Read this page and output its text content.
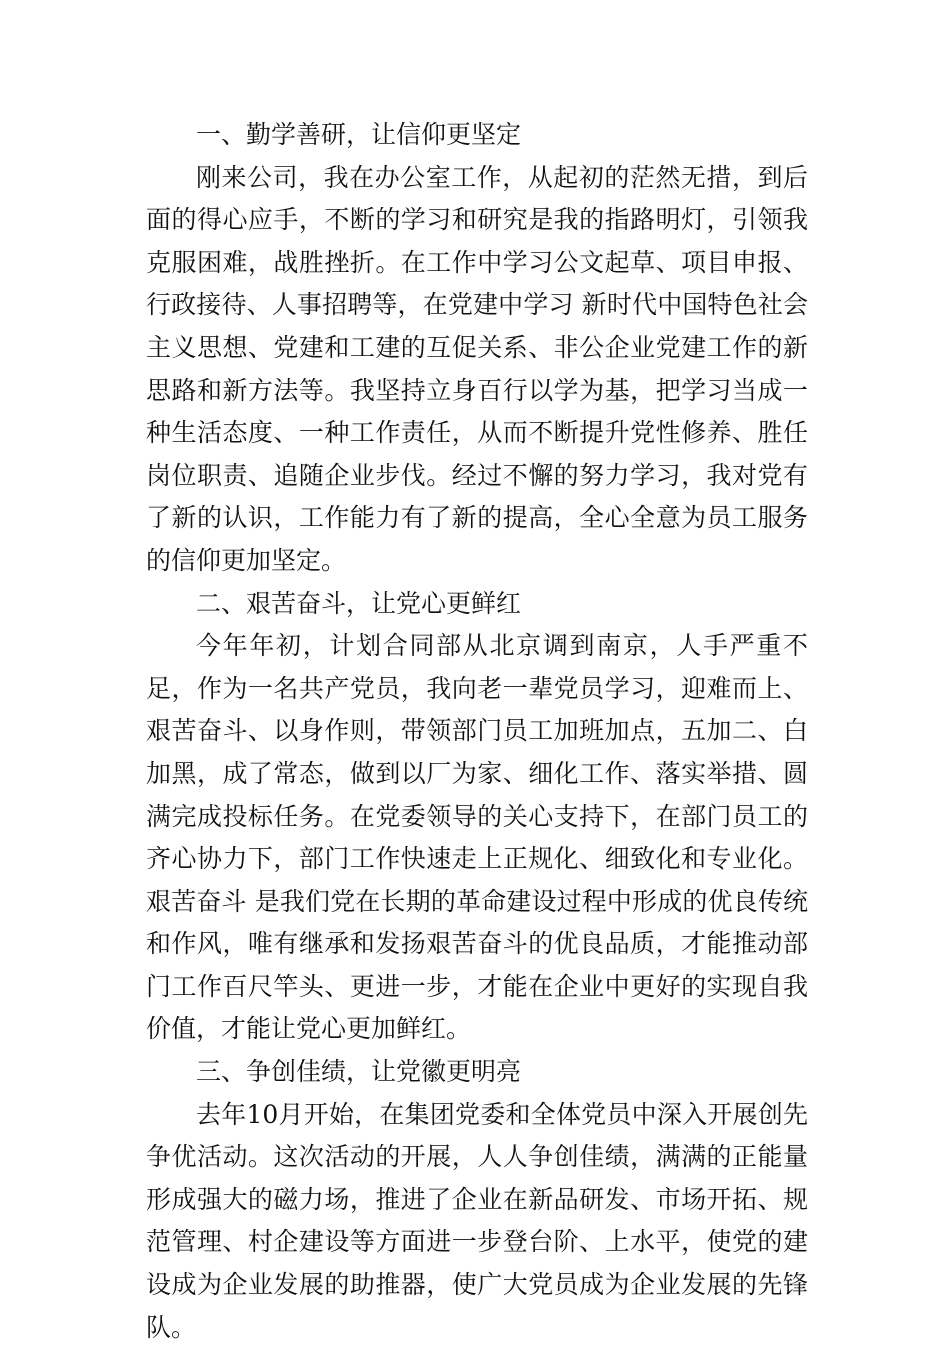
一、勤学善研，让信仰更坚定

刚来公司，我在办公室工作，从起初的茫然无措，到后面的得心应手，不断的学习和研究是我的指路明灯，引领我克服困难，战胜挫折。在工作中学习公文起草、项目申报、行政接待、人事招聘等，在党建中学习 新时代中国特色社会主义思想、党建和工建的互促关系、非公企业党建工作的新思路和新方法等。我坚持立身百行以学为基，把学习当成一种生活态度、一种工作责任，从而不断提升党性修养、胜任岗位职责、追随企业步伐。经过不懈的努力学习，我对党有了新的认识，工作能力有了新的提高，全心全意为员工服务的信仰更加坚定。

二、艰苦奋斗，让党心更鲜红

今年年初，计划合同部从北京调到南京，人手严重不足，作为一名共产党员，我向老一辈党员学习，迎难而上、艰苦奋斗、以身作则，带领部门员工加班加点，五加二、白加黑，成了常态，做到以厂为家、细化工作、落实举措、圆满完成投标任务。在党委领导的关心支持下，在部门员工的齐心协力下，部门工作快速走上正规化、细致化和专业化。 艰苦奋斗 是我们党在长期的革命建设过程中形成的优良传统和作风，唯有继承和发扬艰苦奋斗的优良品质，才能推动部门工作百尺竿头、更进一步，才能在企业中更好的实现自我价值，才能让党心更加鲜红。

三、争创佳绩，让党徽更明亮

去年10月开始，在集团党委和全体党员中深入开展创先争优活动。这次活动的开展，人人争创佳绩，满满的正能量形成强大的磁力场，推进了企业在新品研发、市场开拓、规范管理、村企建设等方面进一步登台阶、上水平，使党的建设成为企业发展的助推器，使广大党员成为企业发展的先锋队。
